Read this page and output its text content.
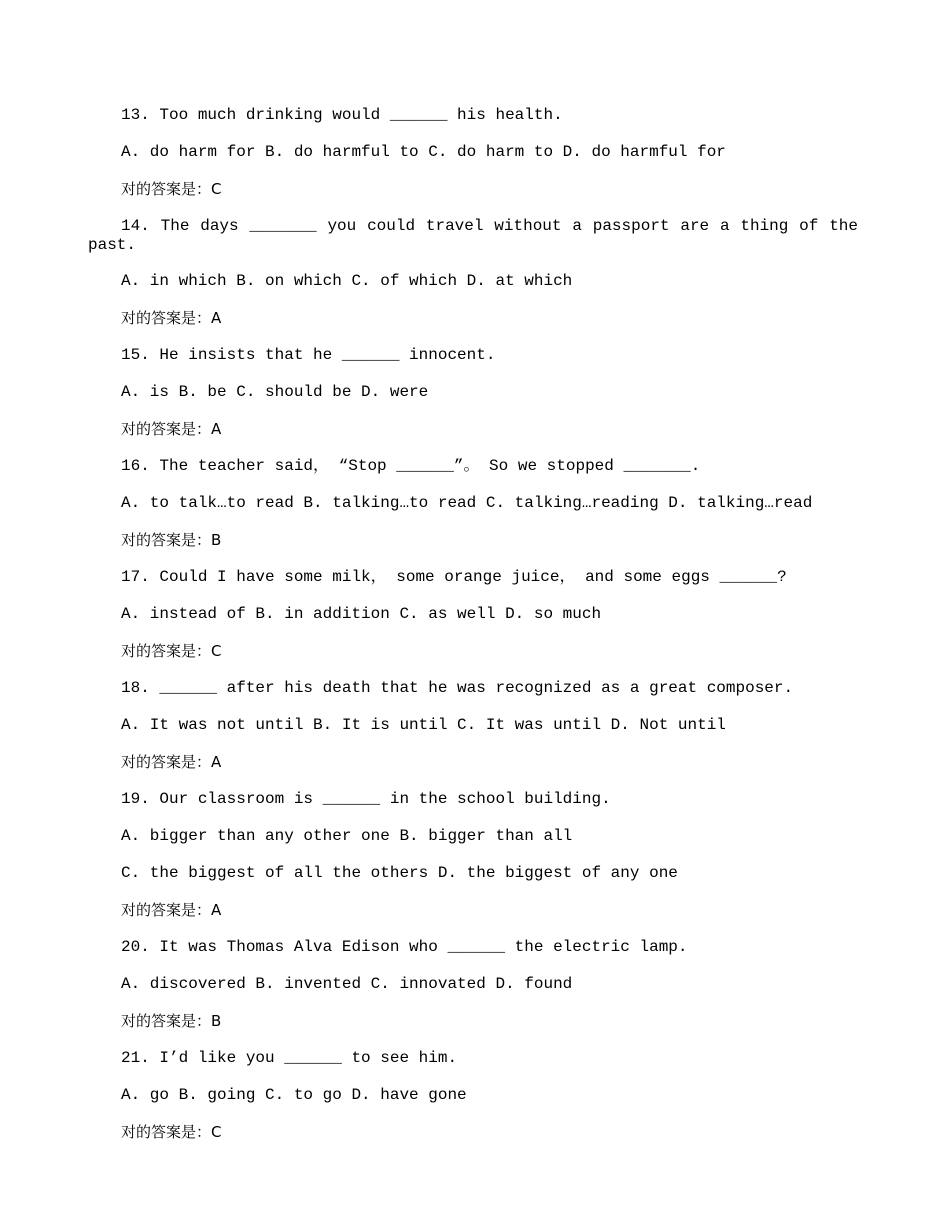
13. Too much drinking would ______ his health.
A. do harm for B. do harmful to C. do harm to D. do harmful for
对的答案是：C
14. The days _______ you could travel without a passport are a thing of the past.
A. in which B. on which C. of which D. at which
对的答案是：A
15. He insists that he ______ innocent.
A. is B. be C. should be D. were
对的答案是：A
16. The teacher said， “Stop ______”。 So we stopped _______.
A. to talk…to read B. talking…to read C. talking…reading D. talking…read
对的答案是：B
17. Could I have some milk， some orange juice， and some eggs ______?
A. instead of B. in addition C. as well D. so much
对的答案是：C
18. ______ after his death that he was recognized as a great composer.
A. It was not until B. It is until C. It was until D. Not until
对的答案是：A
19. Our classroom is ______ in the school building.
A. bigger than any other one B. bigger than all
C. the biggest of all the others D. the biggest of any one
对的答案是：A
20. It was Thomas Alva Edison who ______ the electric lamp.
A. discovered B. invented C. innovated D. found
对的答案是：B
21. I’d like you ______ to see him.
A. go B. going C. to go D. have gone
对的答案是：C
